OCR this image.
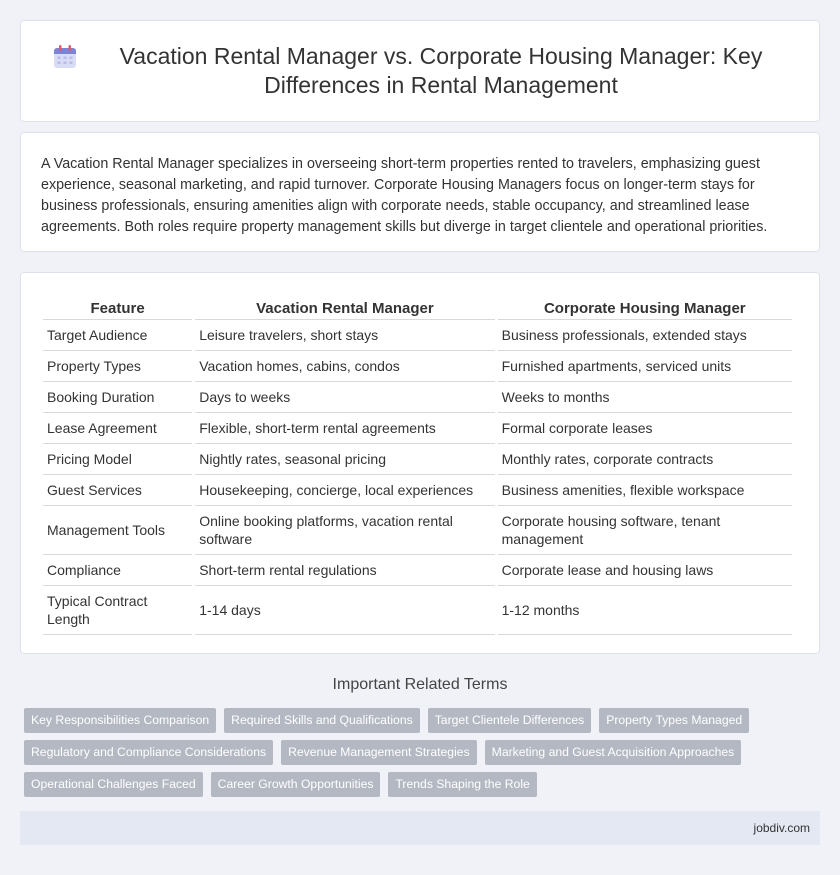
Vacation Rental Manager vs. Corporate Housing Manager: Key Differences in Rental Management

A Vacation Rental Manager specializes in overseeing short-term properties rented to travelers, emphasizing guest experience, seasonal marketing, and rapid turnover. Corporate Housing Managers focus on longer-term stays for business professionals, ensuring amenities align with corporate needs, stable occupancy, and streamlined lease agreements. Both roles require property management skills but diverge in target clientele and operational priorities.

Feature	Vacation Rental Manager	Corporate Housing Manager
Target Audience	Leisure travelers, short stays	Business professionals, extended stays
Property Types	Vacation homes, cabins, condos	Furnished apartments, serviced units
Booking Duration	Days to weeks	Weeks to months
Lease Agreement	Flexible, short-term rental agreements	Formal corporate leases
Pricing Model	Nightly rates, seasonal pricing	Monthly rates, corporate contracts
Guest Services	Housekeeping, concierge, local experiences	Business amenities, flexible workspace
Management Tools	Online booking platforms, vacation rental software	Corporate housing software, tenant management
Compliance	Short-term rental regulations	Corporate lease and housing laws
Typical Contract Length	1-14 days	1-12 months
Important Related Terms
Key Responsibilities Comparison	Required Skills and Qualifications	Target Clientele Differences	Property Types Managed
Regulatory and Compliance Considerations	Revenue Management Strategies	Marketing and Guest Acquisition Approaches
Operational Challenges Faced	Career Growth Opportunities	Trends Shaping the Role
jobdiv.com
